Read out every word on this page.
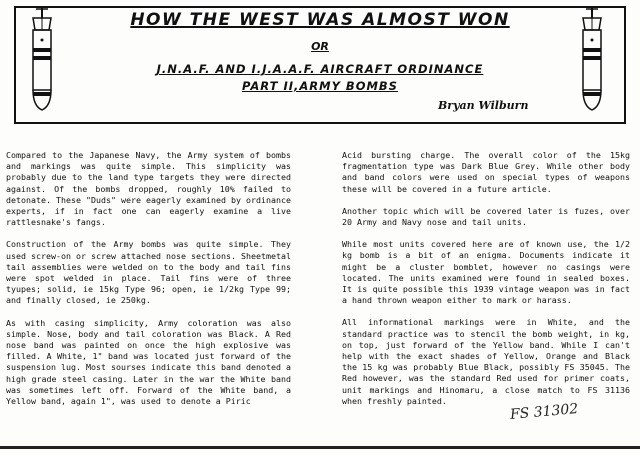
HOW THE WEST WAS ALMOST WON
OR
J.N.A.F. AND I.J.A.A.F. AIRCRAFT ORDINANCE
PART II,ARMY BOMBS
Bryan Wilburn

Compared to the Japanese Navy, the Army system of bombs and markings was quite simple. This simplicity was probably due to the land type targets they were directed against. Of the bombs dropped, roughly 10% failed to detonate. These "Duds" were eagerly examined by ordinance experts, if in fact one can eagerly examine a live rattlesnake's fangs.

Construction of the Army bombs was quite simple. They used screw-on or screw attached nose sections. Sheetmetal tail assemblies were welded on to the body and tail fins were spot welded in place. Tail fins were of three tyupes; solid, ie 15kg Type 96; open, ie 1/2kg Type 99; and finally closed, ie 250kg.

As with casing simplicity, Army coloration was also simple. Nose, body and tail coloration was Black. A Red nose band was painted on once the high explosive was filled. A White, 1" band was located just forward of the suspension lug. Most sourses indicate this band denoted a high grade steel casing. Later in the war the White band was sometimes left off. Forward of the White band, a Yellow band, again 1", was used to denote a Piric

Acid bursting charge. The overall color of the 15kg fragmentation type was Dark Blue Grey. While other body and band colors were used on special types of weapons these will be covered in a future article.

Another topic which will be covered later is fuzes, over 20 Army and Navy nose and tail units.

While most units covered here are of known use, the 1/2 kg bomb is a bit of an enigma. Documents indicate it might be a cluster bomblet, however no casings were located. The units examined were found in sealed boxes. It is quite possible this 1939 vintage weapon was in fact a hand thrown weapon either to mark or harass.

All informational markings were in White, and the standard practice was to stencil the bomb weight, in kg, on top, just forward of the Yellow band. While I can't help with the exact shades of Yellow, Orange and Black the 15 kg was probably Blue Black, possibly FS 35045. The Red however, was the standard Red used for primer coats, unit markings and Hinomaru, a close match to FS 31136 when freshly painted.

FS 31302
